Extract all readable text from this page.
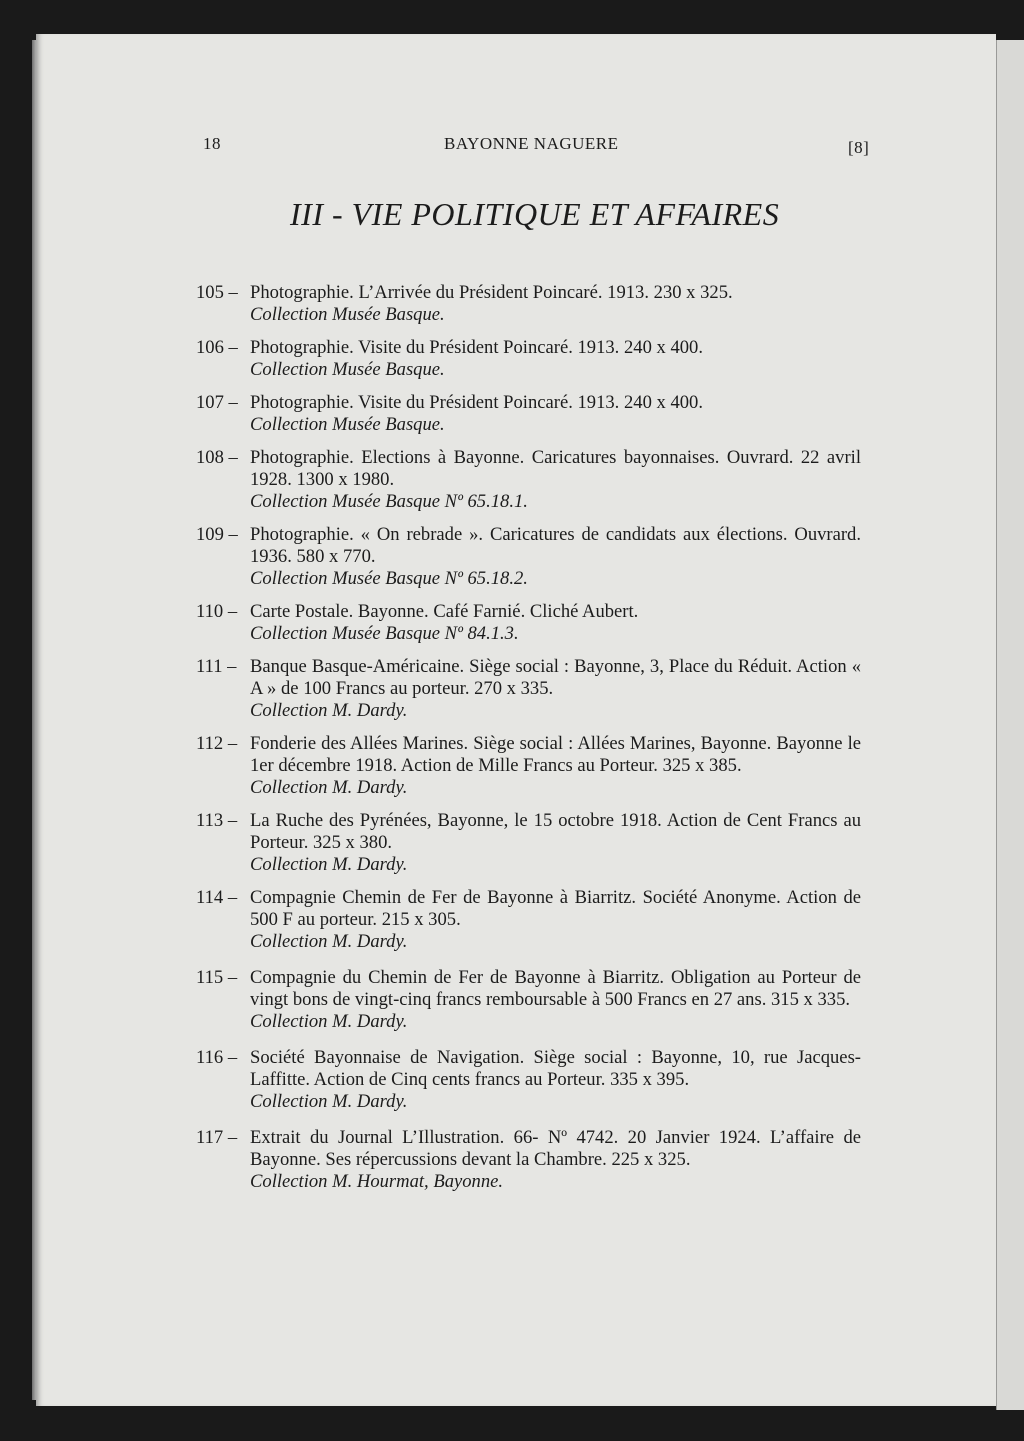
18	BAYONNE NAGUERE	[8]
III - VIE POLITIQUE ET AFFAIRES
105 – Photographie. L’Arrivée du Président Poincaré. 1913. 230 x 325.
Collection Musée Basque.
106 – Photographie. Visite du Président Poincaré. 1913. 240 x 400.
Collection Musée Basque.
107 – Photographie. Visite du Président Poincaré. 1913. 240 x 400.
Collection Musée Basque.
108 – Photographie. Elections à Bayonne. Caricatures bayonnaises. Ouvrard. 22 avril 1928. 1300 x 1980.
Collection Musée Basque Nº 65.18.1.
109 – Photographie. « On rebrade ». Caricatures de candidats aux élections. Ouvrard. 1936. 580 x 770.
Collection Musée Basque Nº 65.18.2.
110 – Carte Postale. Bayonne. Café Farnié. Cliché Aubert.
Collection Musée Basque Nº 84.1.3.
111 – Banque Basque-Américaine. Siège social : Bayonne, 3, Place du Réduit. Action « A » de 100 Francs au porteur. 270 x 335.
Collection M. Dardy.
112 – Fonderie des Allées Marines. Siège social : Allées Marines, Bayonne. Bayonne le 1er décembre 1918. Action de Mille Francs au Porteur. 325 x 385.
Collection M. Dardy.
113 – La Ruche des Pyrénées, Bayonne, le 15 octobre 1918. Action de Cent Francs au Porteur. 325 x 380.
Collection M. Dardy.
114 – Compagnie Chemin de Fer de Bayonne à Biarritz. Société Anonyme. Action de 500 F au porteur. 215 x 305.
Collection M. Dardy.
115 – Compagnie du Chemin de Fer de Bayonne à Biarritz. Obligation au Porteur de vingt bons de vingt-cinq francs remboursable à 500 Francs en 27 ans. 315 x 335.
Collection M. Dardy.
116 – Société Bayonnaise de Navigation. Siège social : Bayonne, 10, rue Jacques-Laffitte. Action de Cinq cents francs au Porteur. 335 x 395.
Collection M. Dardy.
117 – Extrait du Journal L’Illustration. 66- Nº 4742. 20 Janvier 1924. L’affaire de Bayonne. Ses répercussions devant la Chambre. 225 x 325.
Collection M. Hourmat, Bayonne.
